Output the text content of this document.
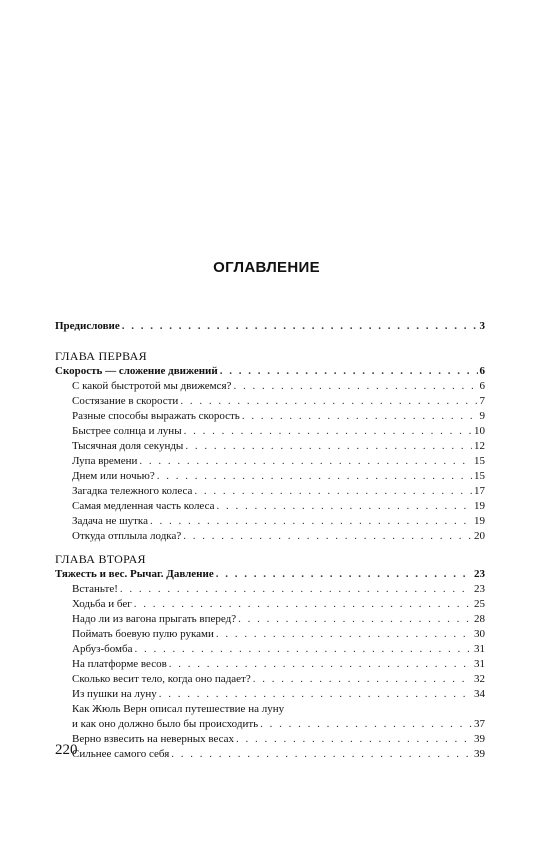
ОГЛАВЛЕНИЕ
Предисловие . . .	3
ГЛАВА ПЕРВАЯ
Скорость — сложение движений . . .	6
С какой быстротой мы движемся? . . .	6
Состязание в скорости . . .	7
Разные способы выражать скорость . . .	9
Быстрее солнца и луны . . .	10
Тысячная доля секунды . . .	12
Лупа времени . . .	15
Днем или ночью? . . .	15
Загадка тележного колеса . . .	17
Самая медленная часть колеса . . .	19
Задача не шутка . . .	19
Откуда отплыла лодка? . . .	20
ГЛАВА ВТОРАЯ
Тяжесть и вес. Рычаг. Давление . . .	23
Встаньте! . . .	23
Ходьба и бег . . .	25
Надо ли из вагона прыгать вперед? . . .	28
Поймать боевую пулю руками . . .	30
Арбуз-бомба . . .	31
На платформе весов . . .	31
Сколько весит тело, когда оно падает? . . .	32
Из пушки на луну . . .	34
Как Жюль Верн описал путешествие на луну
и как оно должно было бы происходить . . .	37
Верно взвесить на неверных весах . . .	39
Сильнее самого себя . . .	39
220
